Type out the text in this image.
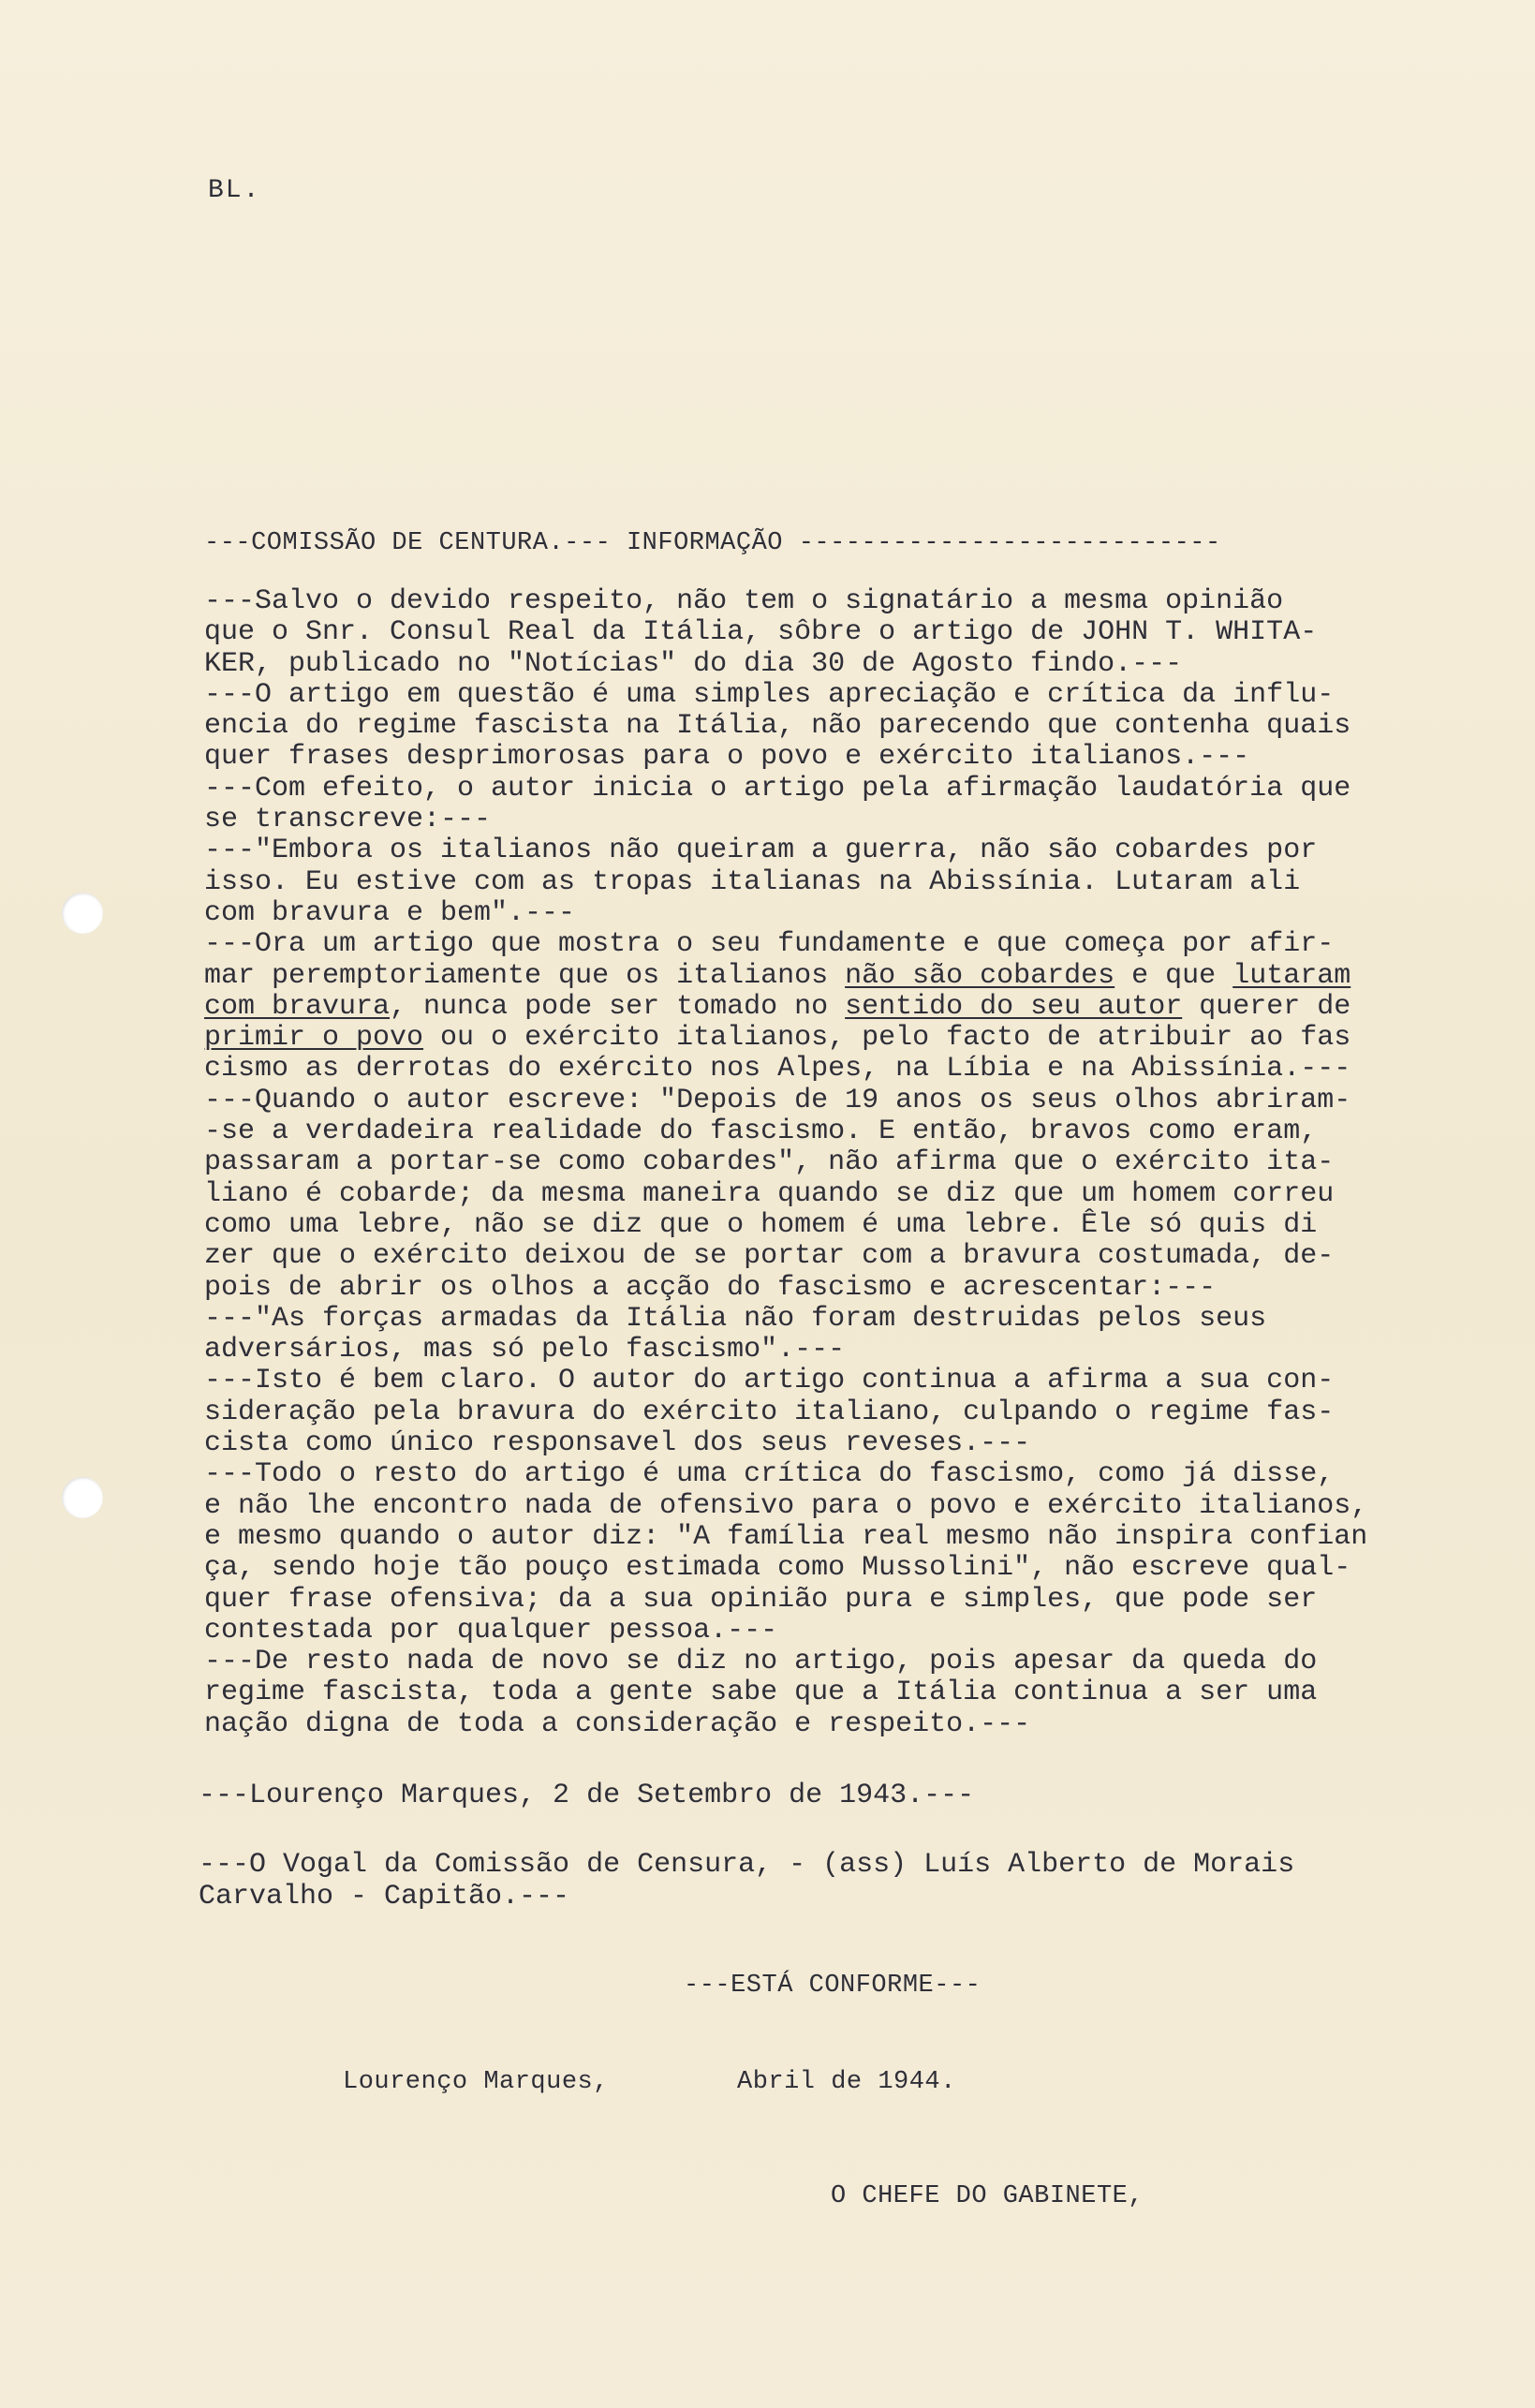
BL.
---COMISSÃO DE CENTURA.--- INFORMAÇÃO ---------------------------

---Salvo o devido respeito, não tem o signatário a mesma opinião

que o Snr. Consul Real da Itália, sôbre o artigo de JOHN T. WHITA-

KER, publicado no "Notícias" do dia 30 de Agosto findo.---

---O artigo em questão é uma simples apreciação e crítica da influ-

encia do regime fascista na Itália, não parecendo que contenha quais

quer frases desprimorosas para o povo e exército italianos.---

---Com efeito, o autor inicia o artigo pela afirmação laudatória que

se transcreve:---

---"Embora os italianos não queiram a guerra, não são cobardes por

isso. Eu estive com as tropas italianas na Abissínia. Lutaram ali

com bravura e bem".---

---Ora um artigo que mostra o seu fundamente e que começa por afir-

mar peremptoriamente que os italianos não são cobardes e que lutaram

com bravura, nunca pode ser tomado no sentido do seu autor querer de

primir o povo ou o exército italianos, pelo facto de atribuir ao fas

cismo as derrotas do exército nos Alpes, na Líbia e na Abissínia.---

---Quando o autor escreve: "Depois de 19 anos os seus olhos abriram-

-se a verdadeira realidade do fascismo. E então, bravos como eram,

passaram a portar-se como cobardes", não afirma que o exército ita-

liano é cobarde; da mesma maneira quando se diz que um homem correu

como uma lebre, não se diz que o homem é uma lebre. Êle só quis di

zer que o exército deixou de se portar com a bravura costumada, de-

pois de abrir os olhos a acção do fascismo e acrescentar:---

---"As forças armadas da Itália não foram destruidas pelos seus

adversários, mas só pelo fascismo".---

---Isto é bem claro. O autor do artigo continua a afirma a sua con-

sideração pela bravura do exército italiano, culpando o regime fas-

cista como único responsavel dos seus reveses.---

---Todo o resto do artigo é uma crítica do fascismo, como já disse,

e não lhe encontro nada de ofensivo para o povo e exército italianos,

e mesmo quando o autor diz: "A família real mesmo não inspira confian

ça, sendo hoje tão pouço estimada como Mussolini", não escreve qual-

quer frase ofensiva; da a sua opinião pura e simples, que pode ser

contestada por qualquer pessoa.---

---De resto nada de novo se diz no artigo, pois apesar da queda do

regime fascista, toda a gente sabe que a Itália continua a ser uma

nação digna de toda a consideração e respeito.---

---Lourenço Marques, 2 de Setembro de 1943.---
---O Vogal da Comissão de Censura, - (ass) Luís Alberto de Morais
Carvalho - Capitão.---
---ESTÁ CONFORME---
Lourenço Marques,	Abril de 1944.
O CHEFE DO GABINETE,
